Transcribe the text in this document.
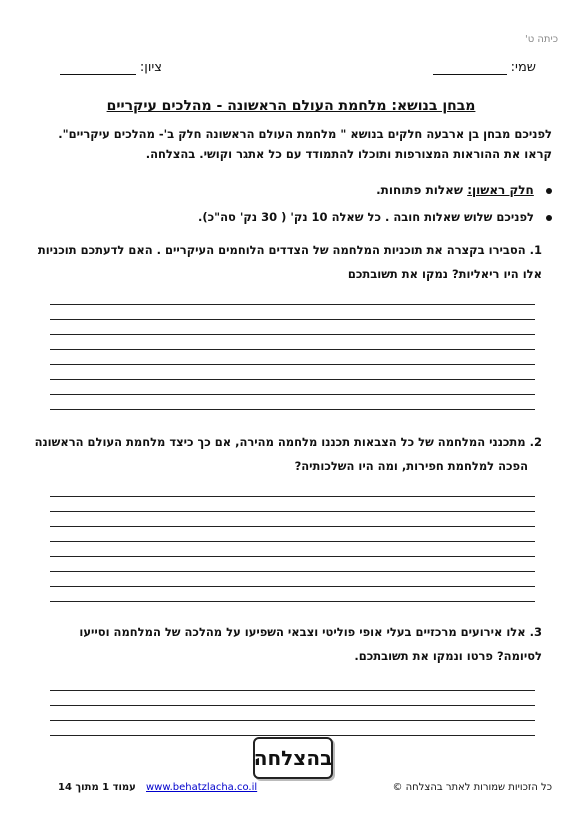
כיתה ט'
שמי:
ציון:
מבחן בנושא: מלחמת העולם הראשונה - מהלכים עיקריים
לפניכם מבחן בן ארבעה חלקים בנושא " מלחמת העולם הראשונה חלק ב'- מהלכים עיקריים".
קראו את ההוראות המצורפות ותוכלו להתמודד עם כל אתגר וקושי. בהצלחה.
חלק ראשון: שאלות פתוחות.
לפניכם שלוש שאלות חובה . כל שאלה 10 נק' ( 30 נק' סה"כ).
1. הסבירו בקצרה את תוכניות המלחמה של הצדדים הלוחמים העיקריים . האם לדעתכם תוכניות
אלו היו ריאליות? נמקו את תשובתכם
2. מתכנני המלחמה של כל הצבאות תכננו מלחמה מהירה, אם כך כיצד מלחמת העולם הראשונה
הפכה למלחמת חפירות, ומה היו השלכותיה?
3. אלו אירועים מרכזיים בעלי אופי פוליטי וצבאי השפיעו על מהלכה של המלחמה וסייעו
לסיומה? פרטו ונמקו את תשובתכם.
בהצלחה
עמוד 1 מתוך 14 www.behatzlacha.co.il	כל הזכויות שמורות לאתר בהצלחה ©
